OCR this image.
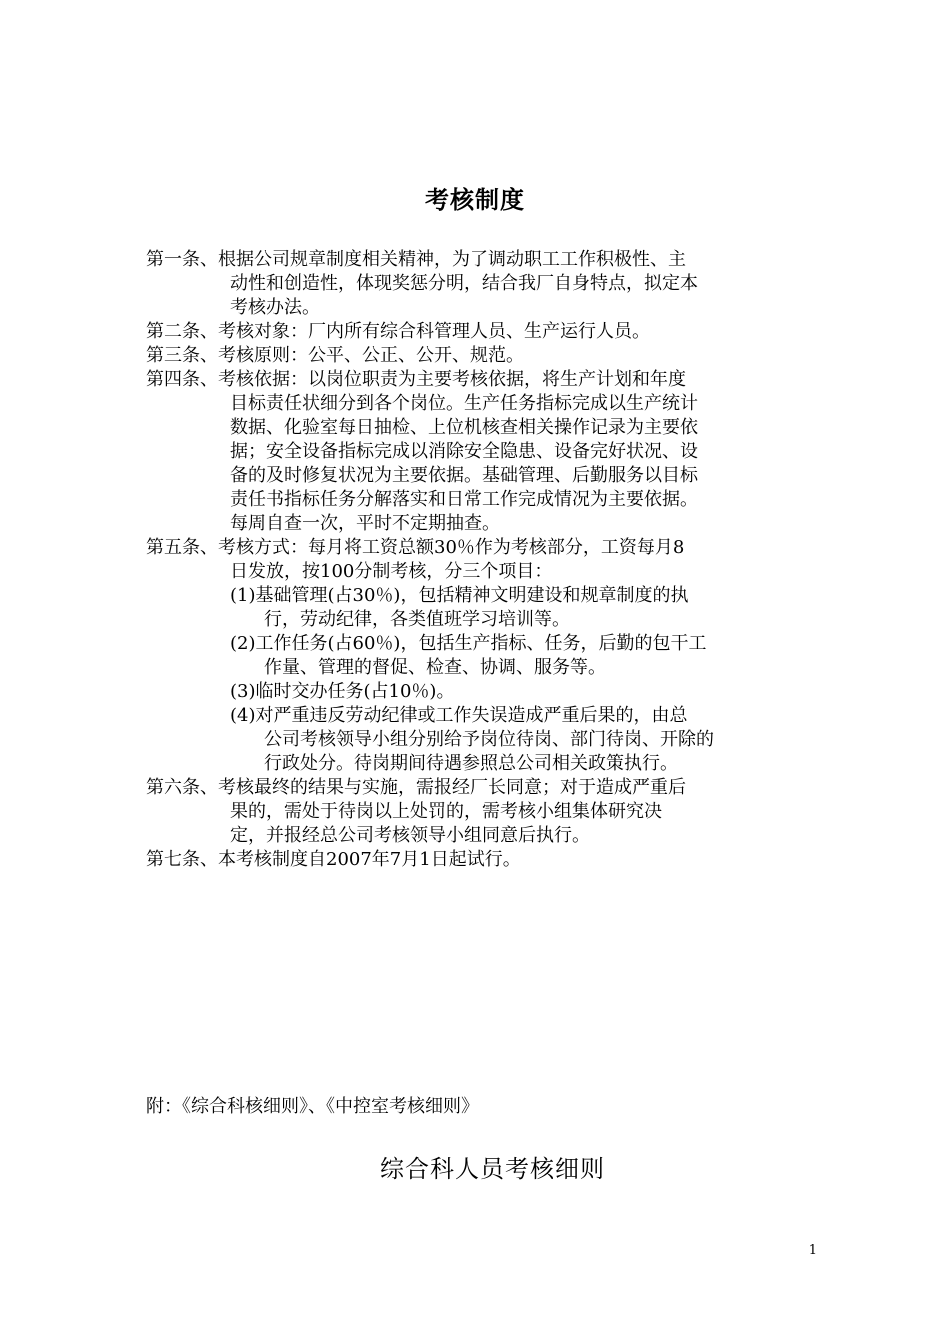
考核制度
第一条、根据公司规章制度相关精神，为了调动职工工作积极性、主
动性和创造性，体现奖惩分明，结合我厂自身特点，拟定本
考核办法。
第二条、考核对象：厂内所有综合科管理人员、生产运行人员。
第三条、考核原则：公平、公正、公开、规范。
第四条、考核依据：以岗位职责为主要考核依据，将生产计划和年度
目标责任状细分到各个岗位。生产任务指标完成以生产统计
数据、化验室每日抽检、上位机核查相关操作记录为主要依
据；安全设备指标完成以消除安全隐患、设备完好状况、设
备的及时修复状况为主要依据。基础管理、后勤服务以目标
责任书指标任务分解落实和日常工作完成情况为主要依据。
每周自查一次，平时不定期抽查。
第五条、考核方式：每月将工资总额30％作为考核部分，工资每月8
日发放，按100分制考核，分三个项目：
(1)基础管理(占30％)，包括精神文明建设和规章制度的执
行，劳动纪律，各类值班学习培训等。
(2)工作任务(占60％)，包括生产指标、任务，后勤的包干工
作量、管理的督促、检查、协调、服务等。
(3)临时交办任务(占10％)。
(4)对严重违反劳动纪律或工作失误造成严重后果的，由总
公司考核领导小组分别给予岗位待岗、部门待岗、开除的
行政处分。待岗期间待遇参照总公司相关政策执行。
第六条、考核最终的结果与实施，需报经厂长同意；对于造成严重后
果的，需处于待岗以上处罚的，需考核小组集体研究决
定，并报经总公司考核领导小组同意后执行。
第七条、本考核制度自2007年7月1日起试行。
附：《综合科核细则》、《中控室考核细则》
综合科人员考核细则
1
